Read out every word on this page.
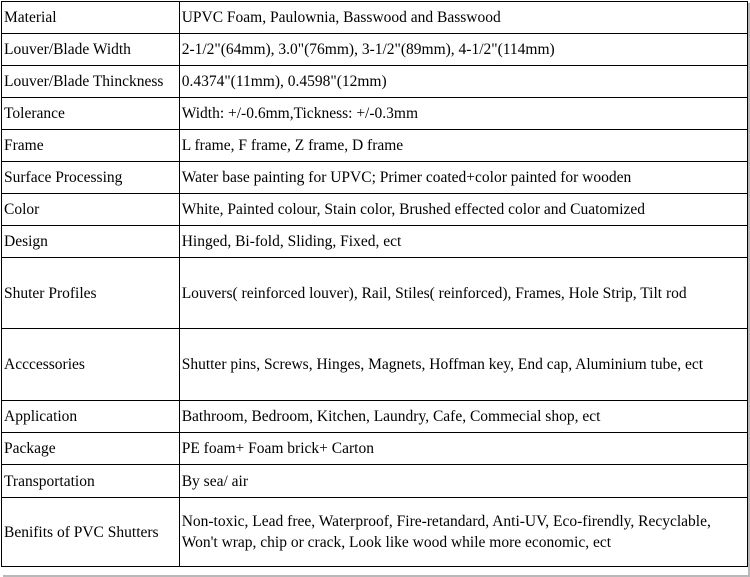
Material	UPVC Foam, Paulownia, Basswood and Basswood
Louver/Blade Width	2-1/2"(64mm), 3.0"(76mm), 3-1/2"(89mm), 4-1/2"(114mm)
Louver/Blade Thinckness	0.4374"(11mm), 0.4598"(12mm)
Tolerance	Width: +/-0.6mm,Tickness: +/-0.3mm
Frame	L frame, F frame, Z frame, D frame
Surface Processing	Water base painting for UPVC; Primer coated+color painted for wooden
Color	White, Painted colour, Stain color, Brushed effected color and Cuatomized
Design	Hinged, Bi-fold, Sliding, Fixed, ect
Shuter Profiles	Louvers( reinforced louver), Rail, Stiles( reinforced), Frames, Hole Strip, Tilt rod
Acccessories	Shutter pins, Screws, Hinges, Magnets, Hoffman key, End cap, Aluminium tube, ect
Application	Bathroom, Bedroom, Kitchen, Laundry, Cafe, Commecial shop, ect
Package	PE foam+ Foam brick+ Carton
Transportation	By sea/ air
Benifits of PVC Shutters	Non-toxic, Lead free, Waterproof, Fire-retandard, Anti-UV, Eco-firendly, Recyclable, Won't wrap, chip or crack, Look like wood while more economic, ect
